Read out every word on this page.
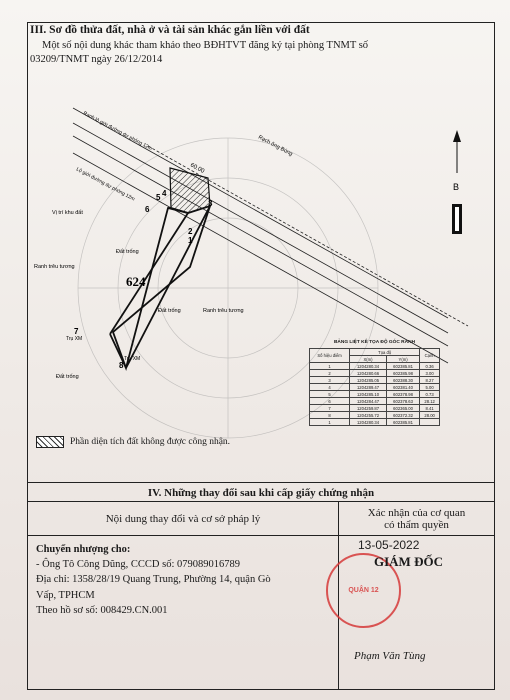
III. Sơ đồ thửa đất, nhà ở và tài sản khác gắn liền với đất
Một số nội dung khác tham khảo theo BĐHTVT đăng ký tại phòng TNMT số
03209/TNMT ngày 26/12/2014
B
624
60.00
Rạch ông Búng
Ranh lộ giới đường dự phóng 12m
Lộ giới đường dự phóng 12m
Vị trí khu đất
Ranh trêu tương
Ranh trêu tương
Đất trống
Đất trống
Đất trống
Trụ XM
Trụ XM
1
2
3
4
5
6
7
8
BẢNG LIỆT KÊ TỌA ĐỘ GÓC RANH
Số hiệu điểm	Tọa độ		Cạnh
	X(m)	Y(m)	
1	1204280.34	602385.81	0.36
2	1204280.66	602385.98	3.00
3	1204285.05	602388.30	8.27
4	1204289.47	602381.40	5.00
5	1204285.10	602378.98	0.73
6	1204284.47	602378.63	28.12
7	1204259.87	602365.00	8.41
8	1204255.72	602372.32	28.00
1	1204280.34	602385.81	
Phần diện tích đất không được công nhận.
IV. Những thay đổi sau khi cấp giấy chứng nhận
Nội dung thay đổi và cơ sở pháp lý	Xác nhận của cơ quan
có thẩm quyền
Chuyển nhượng cho:
- Ông Tô Công Dũng, CCCD số: 079089016789
Địa chỉ: 1358/28/19 Quang Trung, Phường 14, quận Gò
Vấp, TPHCM
Theo hồ sơ số: 008429.CN.001
13-05-2022
QUẬN 12
GIÁM ĐỐC
Phạm Văn Tùng
